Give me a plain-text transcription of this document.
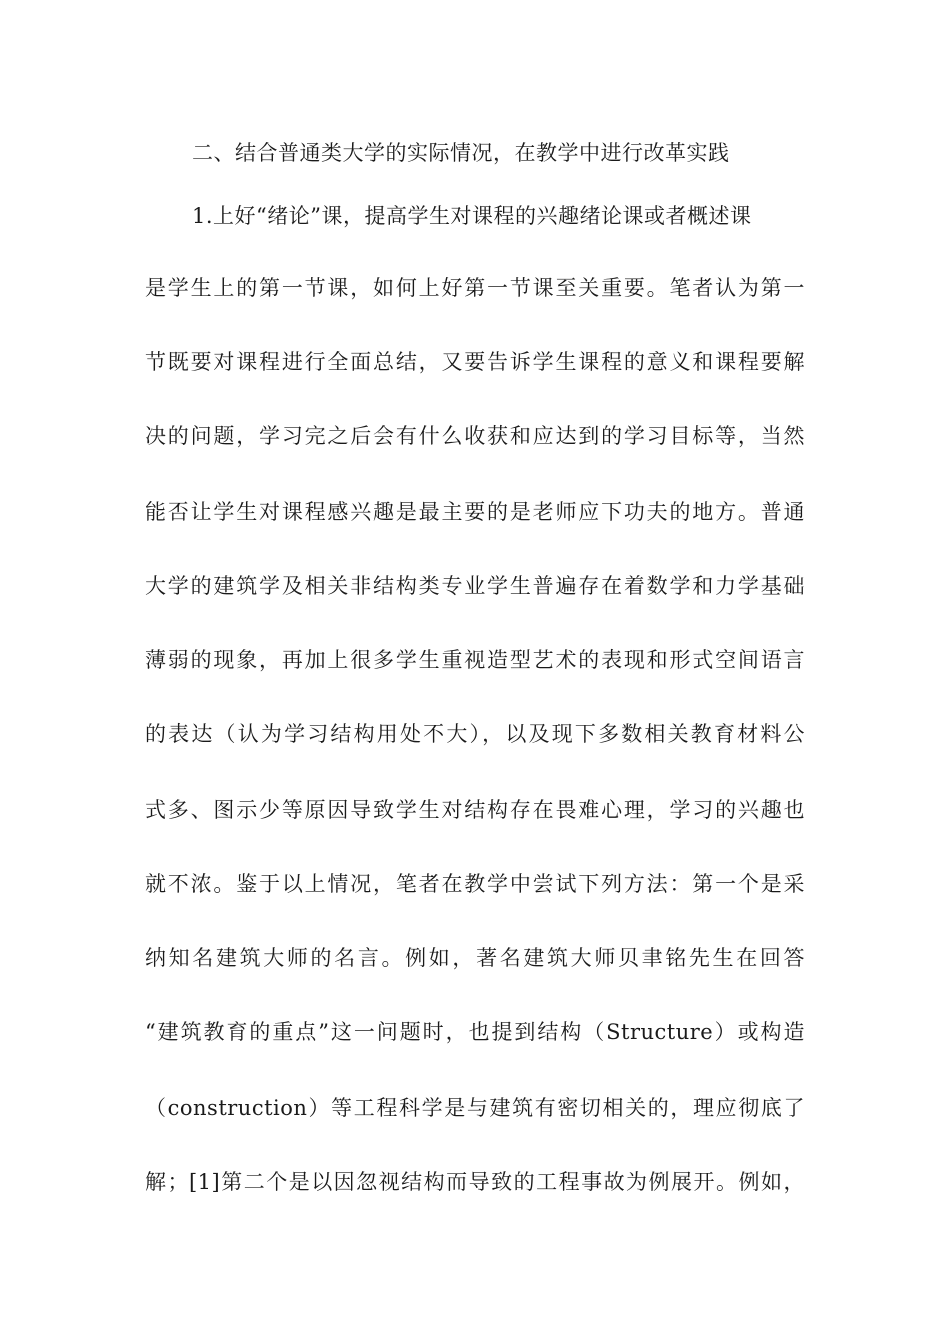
二、结合普通类大学的实际情况，在教学中进行改革实践
1.上好“绪论”课，提高学生对课程的兴趣绪论课或者概述课
是学生上的第一节课，如何上好第一节课至关重要。笔者认为第一
节既要对课程进行全面总结，又要告诉学生课程的意义和课程要解
决的问题，学习完之后会有什么收获和应达到的学习目标等，当然
能否让学生对课程感兴趣是最主要的是老师应下功夫的地方。普通
大学的建筑学及相关非结构类专业学生普遍存在着数学和力学基础
薄弱的现象，再加上很多学生重视造型艺术的表现和形式空间语言
的表达（认为学习结构用处不大），以及现下多数相关教育材料公
式多、图示少等原因导致学生对结构存在畏难心理，学习的兴趣也
就不浓。鉴于以上情况，笔者在教学中尝试下列方法：第一个是采
纳知名建筑大师的名言。例如，著名建筑大师贝聿铭先生在回答
“建筑教育的重点”这一问题时，也提到结构（Structure）或构造
（construction）等工程科学是与建筑有密切相关的，理应彻底了
解；[1]第二个是以因忽视结构而导致的工程事故为例展开。例如，
